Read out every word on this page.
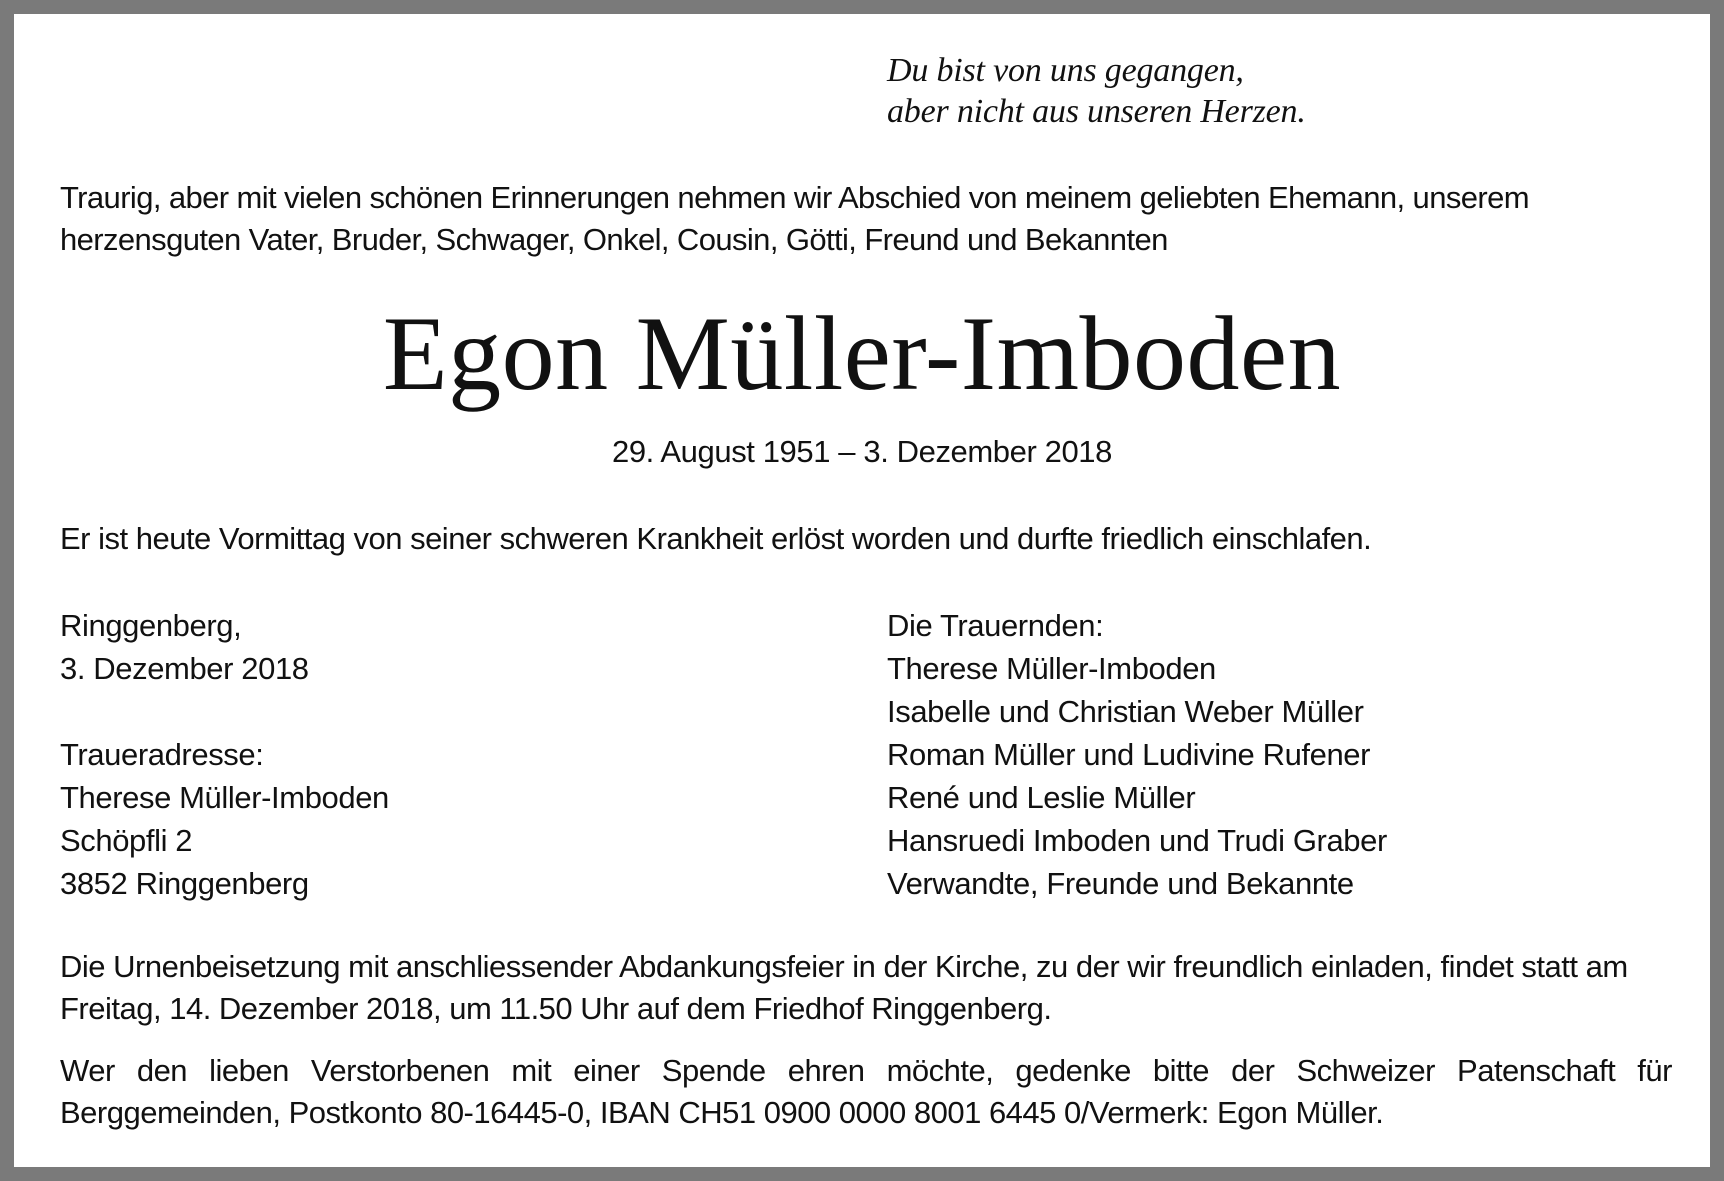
Du bist von uns gegangen,
aber nicht aus unseren Herzen.
Traurig, aber mit vielen schönen Erinnerungen nehmen wir Abschied von meinem geliebten Ehemann, unserem herzensguten Vater, Bruder, Schwager, Onkel, Cousin, Götti, Freund und Bekannten
Egon Müller-Imboden
29. August 1951 – 3. Dezember 2018
Er ist heute Vormittag von seiner schweren Krankheit erlöst worden und durfte friedlich einschlafen.
Ringgenberg,
3. Dezember 2018
Traueradresse:
Therese Müller-Imboden
Schöpfli 2
3852 Ringgenberg
Die Trauernden:
Therese Müller-Imboden
Isabelle und Christian Weber Müller
Roman Müller und Ludivine Rufener
René und Leslie Müller
Hansruedi Imboden und Trudi Graber
Verwandte, Freunde und Bekannte
Die Urnenbeisetzung mit anschliessender Abdankungsfeier in der Kirche, zu der wir freundlich einladen, findet statt am Freitag, 14. Dezember 2018, um 11.50 Uhr auf dem Friedhof Ringgenberg.
Wer den lieben Verstorbenen mit einer Spende ehren möchte, gedenke bitte der Schweizer Patenschaft für Berggemeinden, Postkonto 80-16445-0, IBAN CH51 0900 0000 8001 6445 0/Vermerk: Egon Müller.
